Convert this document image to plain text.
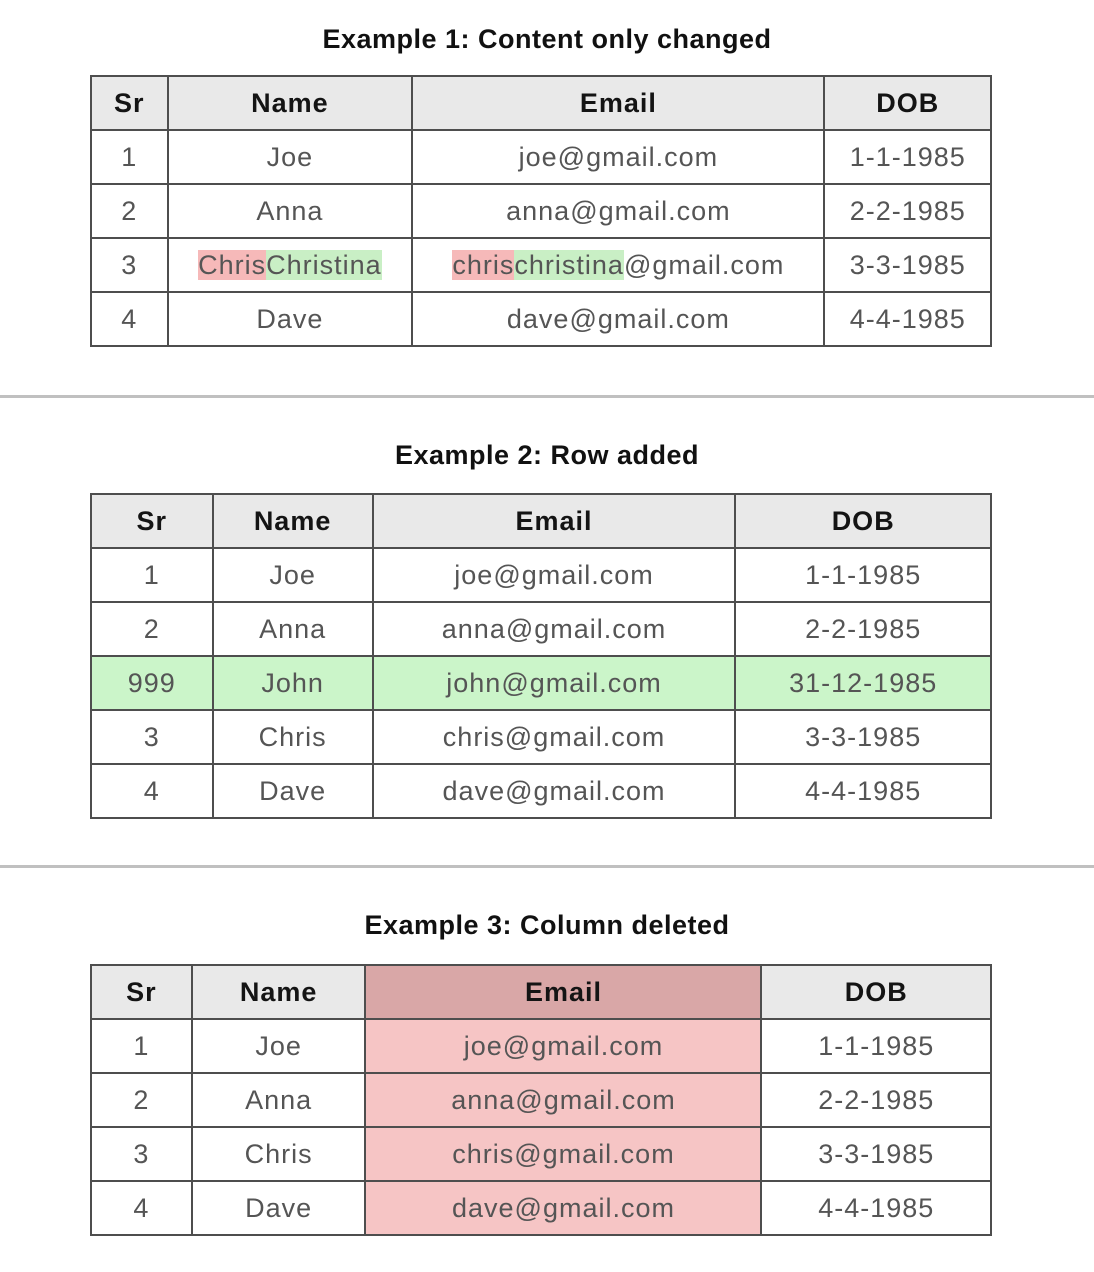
Example 1: Content only changed
Sr	Name	Email	DOB
1	Joe	joe@gmail.com	1-1-1985
2	Anna	anna@gmail.com	2-2-1985
3	ChrisChristina	chrischristina@gmail.com	3-3-1985
4	Dave	dave@gmail.com	4-4-1985
Example 2: Row added
Sr	Name	Email	DOB
1	Joe	joe@gmail.com	1-1-1985
2	Anna	anna@gmail.com	2-2-1985
999	John	john@gmail.com	31-12-1985
3	Chris	chris@gmail.com	3-3-1985
4	Dave	dave@gmail.com	4-4-1985
Example 3: Column deleted
Sr	Name	Email	DOB
1	Joe	joe@gmail.com	1-1-1985
2	Anna	anna@gmail.com	2-2-1985
3	Chris	chris@gmail.com	3-3-1985
4	Dave	dave@gmail.com	4-4-1985
